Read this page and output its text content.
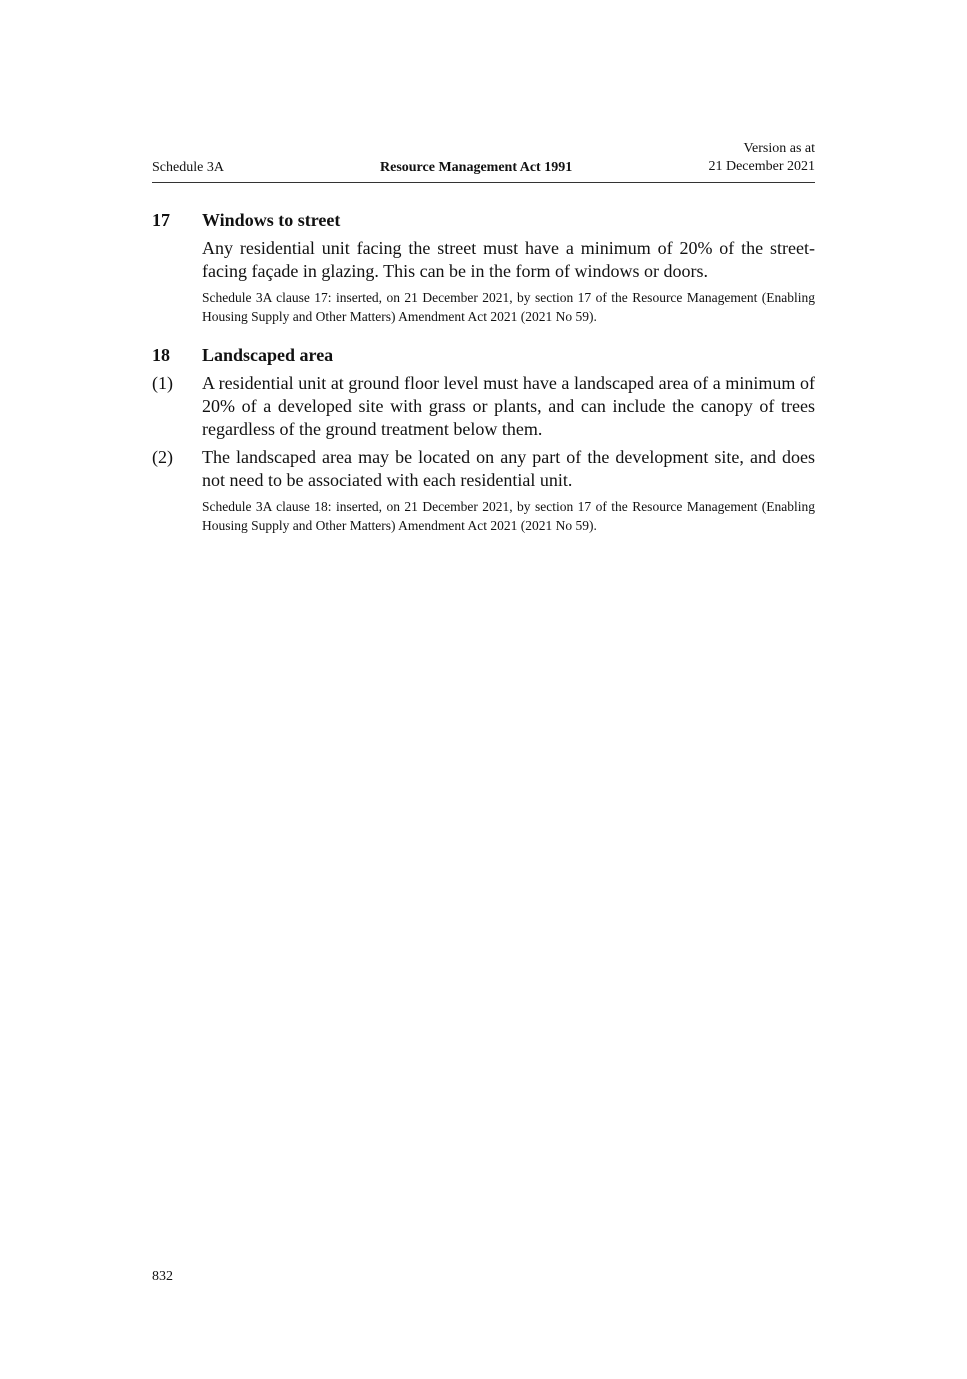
Schedule 3A	Resource Management Act 1991
Version as at
21 December 2021
17	Windows to street
Any residential unit facing the street must have a minimum of 20% of the street-facing façade in glazing. This can be in the form of windows or doors.
Schedule 3A clause 17: inserted, on 21 December 2021, by section 17 of the Resource Management (Enabling Housing Supply and Other Matters) Amendment Act 2021 (2021 No 59).
18	Landscaped area
(1)	A residential unit at ground floor level must have a landscaped area of a minimum of 20% of a developed site with grass or plants, and can include the canopy of trees regardless of the ground treatment below them.
(2)	The landscaped area may be located on any part of the development site, and does not need to be associated with each residential unit.
Schedule 3A clause 18: inserted, on 21 December 2021, by section 17 of the Resource Management (Enabling Housing Supply and Other Matters) Amendment Act 2021 (2021 No 59).
832
